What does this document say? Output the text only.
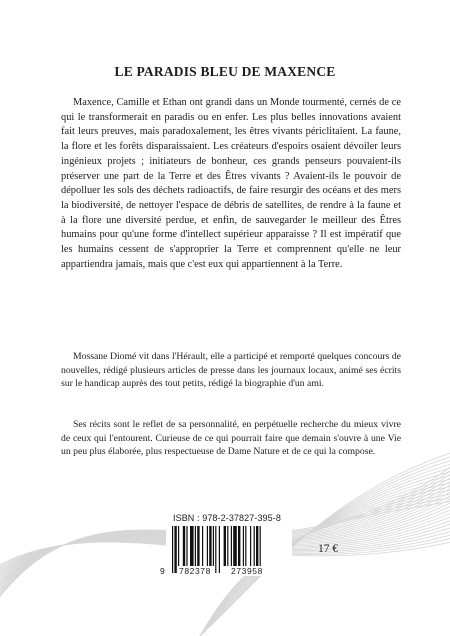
LE PARADIS BLEU DE MAXENCE

Maxence, Camille et Ethan ont grandi dans un Monde tourmenté, cernés de ce qui le transformerait en paradis ou en enfer. Les plus belles innovations avaient fait leurs preuves, mais paradoxalement, les êtres vivants périclitaient. La faune, la flore et les forêts disparaissaient. Les créateurs d'espoirs osaient dévoiler leurs ingénieux projets ; initiateurs de bonheur, ces grands penseurs pouvaient-ils préserver une part de la Terre et des Êtres vivants ? Avaient-ils le pouvoir de dépolluer les sols des déchets radioactifs, de faire resurgir des océans et des mers la biodiversité, de nettoyer l'espace de débris de satellites, de rendre à la faune et à la flore une diversité perdue, et enfin, de sauvegarder le meilleur des Êtres humains pour qu'une forme d'intellect supérieur apparaisse ? Il est impératif que les humains cessent de s'approprier la Terre et comprennent qu'elle ne leur appartiendra jamais, mais que c'est eux qui appartiennent à la Terre.

Mossane Diomé vit dans l'Hérault, elle a participé et remporté quelques concours de nouvelles, rédigé plusieurs articles de presse dans les journaux locaux, animé ses écrits sur le handicap auprès des tout petits, rédigé la biographie d'un ami.

Ses récits sont le reflet de sa personnalité, en perpétuelle recherche du mieux vivre de ceux qui l'entourent. Curieuse de ce qui pourrait faire que demain s'ouvre à une Vie un peu plus élaborée, plus respectueuse de Dame Nature et de ce qui la compose.

ISBN : 978-2-37827-395-8
9 782378 273958
17 €
